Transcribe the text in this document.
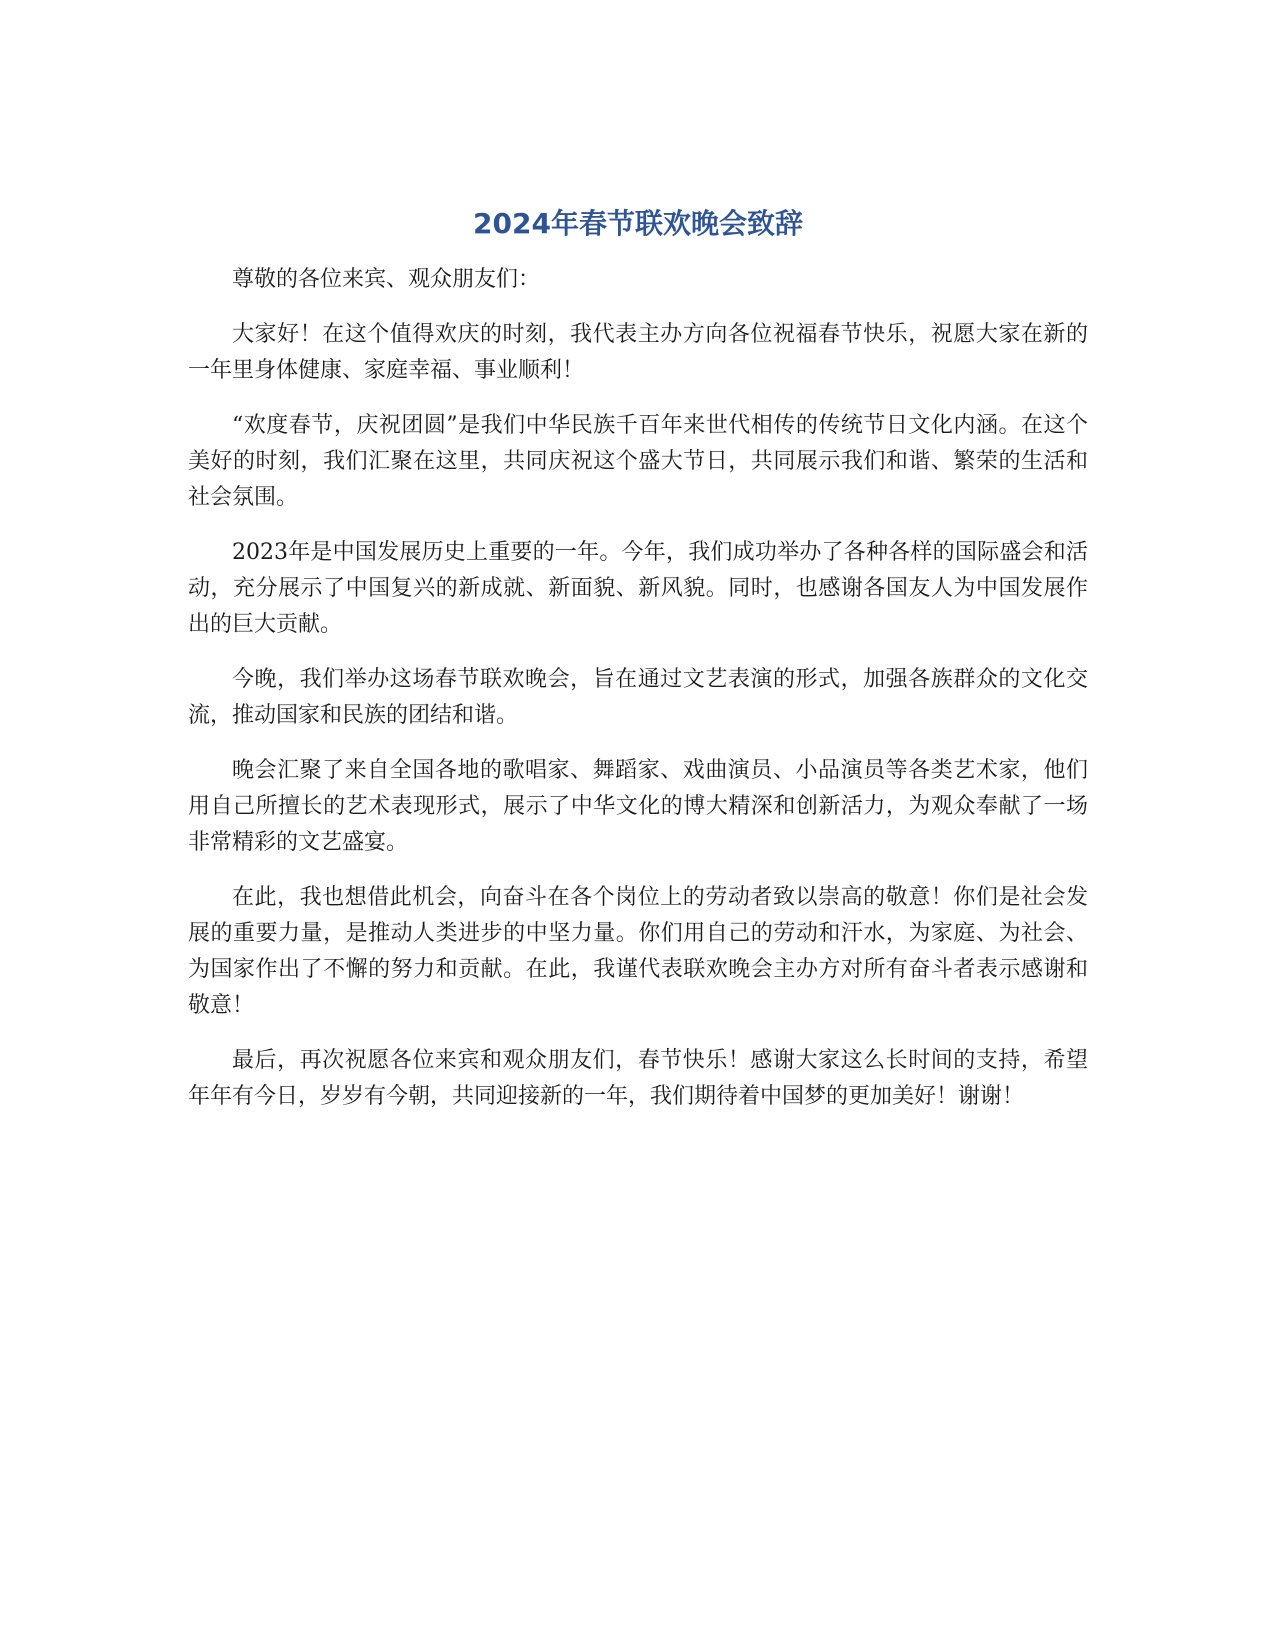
2024年春节联欢晚会致辞

尊敬的各位来宾、观众朋友们：

大家好！在这个值得欢庆的时刻，我代表主办方向各位祝福春节快乐，祝愿大家在新的一年里身体健康、家庭幸福、事业顺利！

“欢度春节，庆祝团圆”是我们中华民族千百年来世代相传的传统节日文化内涵。在这个美好的时刻，我们汇聚在这里，共同庆祝这个盛大节日，共同展示我们和谐、繁荣的生活和社会氛围。

2023年是中国发展历史上重要的一年。今年，我们成功举办了各种各样的国际盛会和活动，充分展示了中国复兴的新成就、新面貌、新风貌。同时，也感谢各国友人为中国发展作出的巨大贡献。

今晚，我们举办这场春节联欢晚会，旨在通过文艺表演的形式，加强各族群众的文化交流，推动国家和民族的团结和谐。

晚会汇聚了来自全国各地的歌唱家、舞蹈家、戏曲演员、小品演员等各类艺术家，他们用自己所擅长的艺术表现形式，展示了中华文化的博大精深和创新活力，为观众奉献了一场非常精彩的文艺盛宴。

在此，我也想借此机会，向奋斗在各个岗位上的劳动者致以崇高的敬意！你们是社会发展的重要力量，是推动人类进步的中坚力量。你们用自己的劳动和汗水，为家庭、为社会、为国家作出了不懈的努力和贡献。在此，我谨代表联欢晚会主办方对所有奋斗者表示感谢和敬意！

最后，再次祝愿各位来宾和观众朋友们，春节快乐！感谢大家这么长时间的支持，希望年年有今日，岁岁有今朝，共同迎接新的一年，我们期待着中国梦的更加美好！谢谢！
